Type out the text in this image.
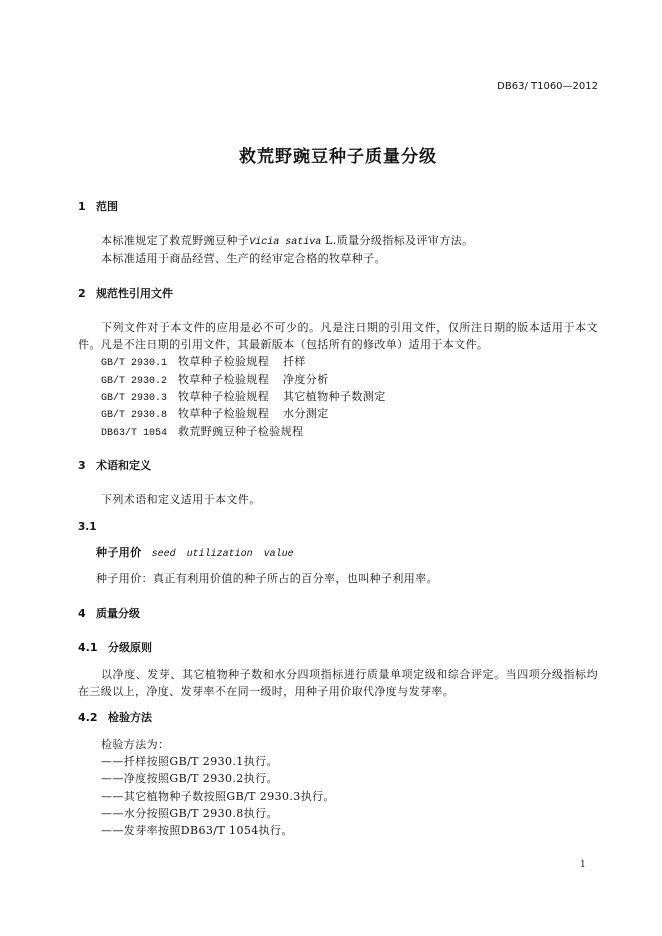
DB63/ T1060—2012
救荒野豌豆种子质量分级
1 范围
本标准规定了救荒野豌豆种子Vicia sativa L.质量分级指标及评审方法。
本标准适用于商品经营、生产的经审定合格的牧草种子。
2 规范性引用文件
下列文件对于本文件的应用是必不可少的。凡是注日期的引用文件，仅所注日期的版本适用于本文
件。凡是不注日期的引用文件，其最新版本（包括所有的修改单）适用于本文件。
GB/T 2930.1 牧草种子检验规程 扦样
GB/T 2930.2 牧草种子检验规程 净度分析
GB/T 2930.3 牧草种子检验规程 其它植物种子数测定
GB/T 2930.8 牧草种子检验规程 水分测定
DB63/T 1054 救荒野豌豆种子检验规程
3 术语和定义
下列术语和定义适用于本文件。
3.1
种子用价 seed utilization value
种子用价：真正有利用价值的种子所占的百分率，也叫种子利用率。
4 质量分级
4.1 分级原则
以净度、发芽、其它植物种子数和水分四项指标进行质量单项定级和综合评定。当四项分级指标均
在三级以上，净度、发芽率不在同一级时，用种子用价取代净度与发芽率。
4.2 检验方法
检验方法为：
——扦样按照GB/T 2930.1执行。
——净度按照GB/T 2930.2执行。
——其它植物种子数按照GB/T 2930.3执行。
——水分按照GB/T 2930.8执行。
——发芽率按照DB63/T 1054执行。
1
